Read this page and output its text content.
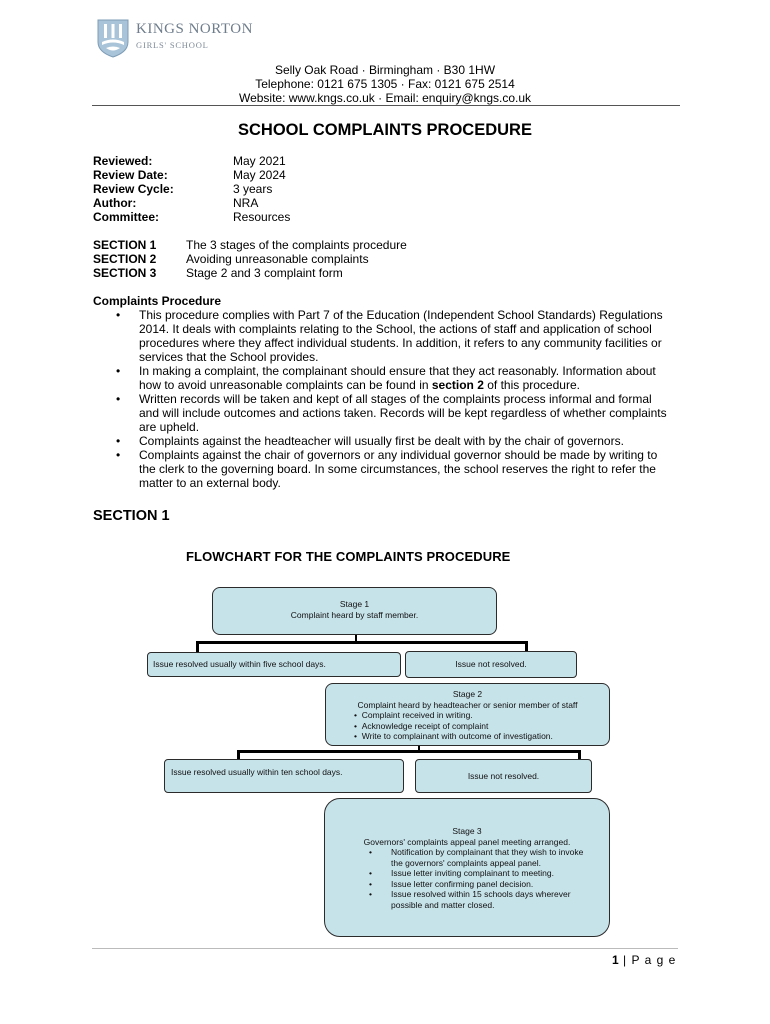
KINGS NORTON
GIRLS' SCHOOL
Selly Oak Road · Birmingham · B30 1HW
Telephone: 0121 675 1305 · Fax: 0121 675 2514
Website: www.kngs.co.uk · Email: enquiry@kngs.co.uk
SCHOOL COMPLAINTS PROCEDURE
Reviewed:	May 2021
Review Date:	May 2024
Review Cycle:	3 years
Author:	NRA
Committee:	Resources
SECTION 1	The 3 stages of the complaints procedure
SECTION 2	Avoiding unreasonable complaints
SECTION 3	Stage 2 and 3 complaint form
Complaints Procedure
• This procedure complies with Part 7 of the Education (Independent School Standards) Regulations 2014. It deals with complaints relating to the School, the actions of staff and application of school procedures where they affect individual students. In addition, it refers to any community facilities or services that the School provides.
• In making a complaint, the complainant should ensure that they act reasonably. Information about how to avoid unreasonable complaints can be found in section 2 of this procedure.
• Written records will be taken and kept of all stages of the complaints process informal and formal and will include outcomes and actions taken. Records will be kept regardless of whether complaints are upheld.
• Complaints against the headteacher will usually first be dealt with by the chair of governors.
• Complaints against the chair of governors or any individual governor should be made by writing to the clerk to the governing board. In some circumstances, the school reserves the right to refer the matter to an external body.
SECTION 1
FLOWCHART FOR THE COMPLAINTS PROCEDURE
Stage 1
Complaint heard by staff member.
Issue resolved usually within five school days.	Issue not resolved.
Stage 2
Complaint heard by headteacher or senior member of staff
•  Complaint received in writing.
•  Acknowledge receipt of complaint
•  Write to complainant with outcome of investigation.
Issue resolved usually within ten school days.	Issue not resolved.
Stage 3
Governors' complaints appeal panel meeting arranged.
• Notification by complainant that they wish to invoke the governors' complaints appeal panel.
• Issue letter inviting complainant to meeting.
• Issue letter confirming panel decision.
• Issue resolved within 15 schools days wherever possible and matter closed.
1 | P a g e
